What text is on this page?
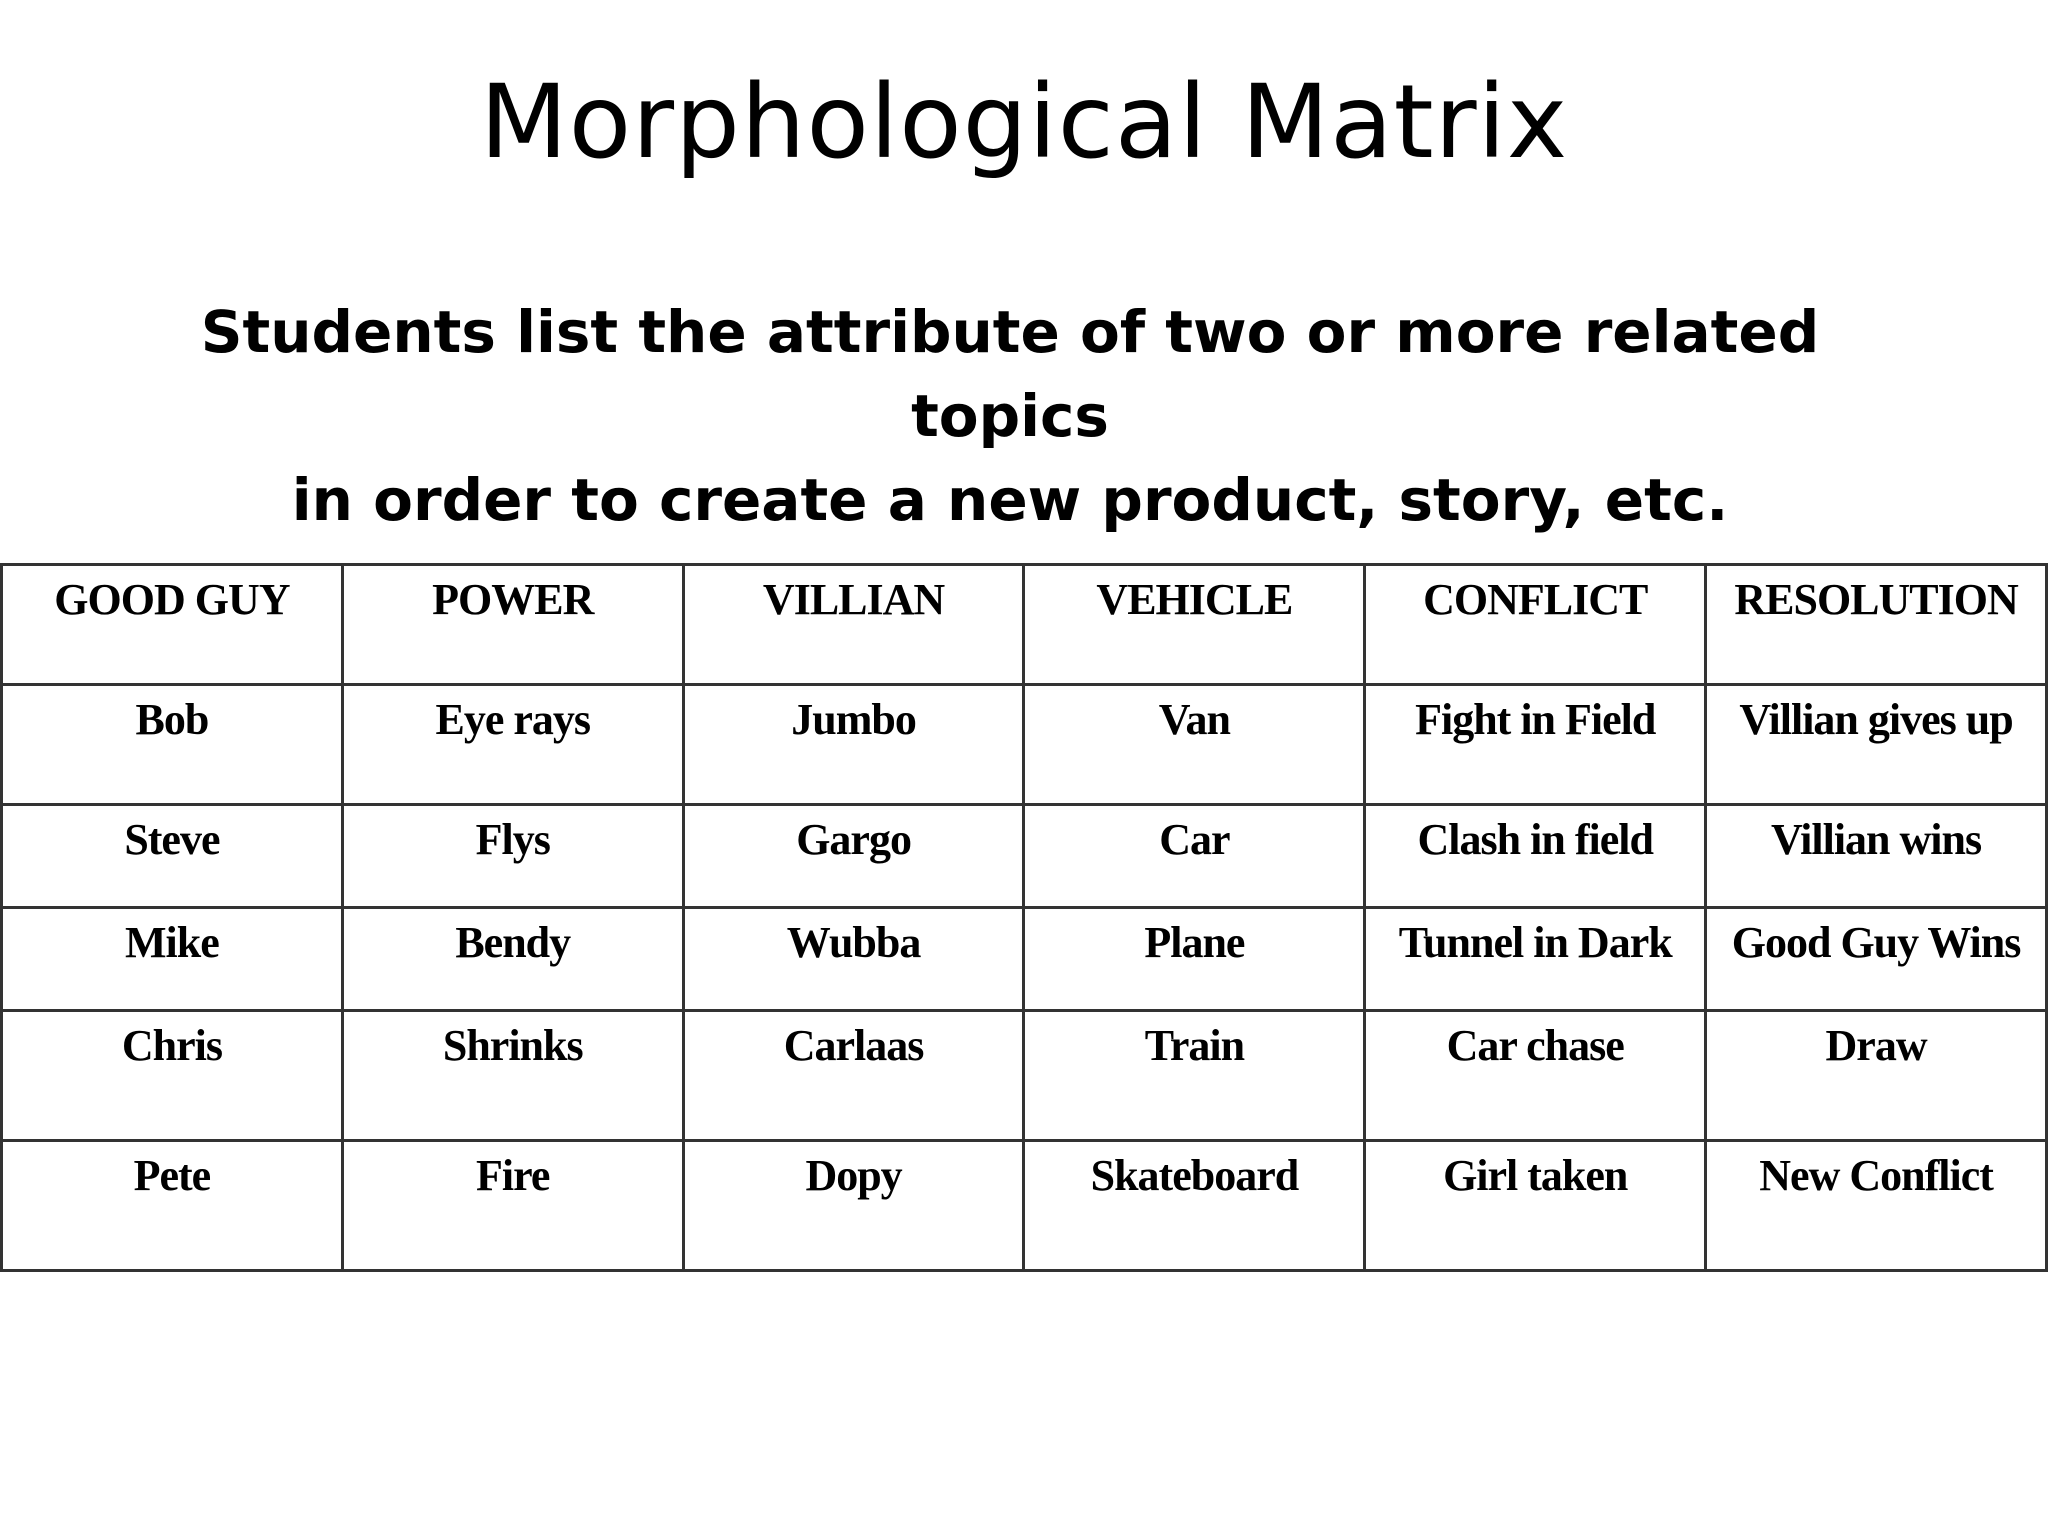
Morphological Matrix
Students list the attribute of two or more related topics
in order to create a new product, story, etc.
GOOD GUY	POWER	VILLIAN	VEHICLE	CONFLICT	RESOLUTION
Bob	Eye rays	Jumbo	Van	Fight in Field	Villian gives up
Steve	Flys	Gargo	Car	Clash in field	Villian wins
Mike	Bendy	Wubba	Plane	Tunnel in Dark	Good Guy Wins
Chris	Shrinks	Carlaas	Train	Car chase	Draw
Pete	Fire	Dopy	Skateboard	Girl taken	New Conflict
